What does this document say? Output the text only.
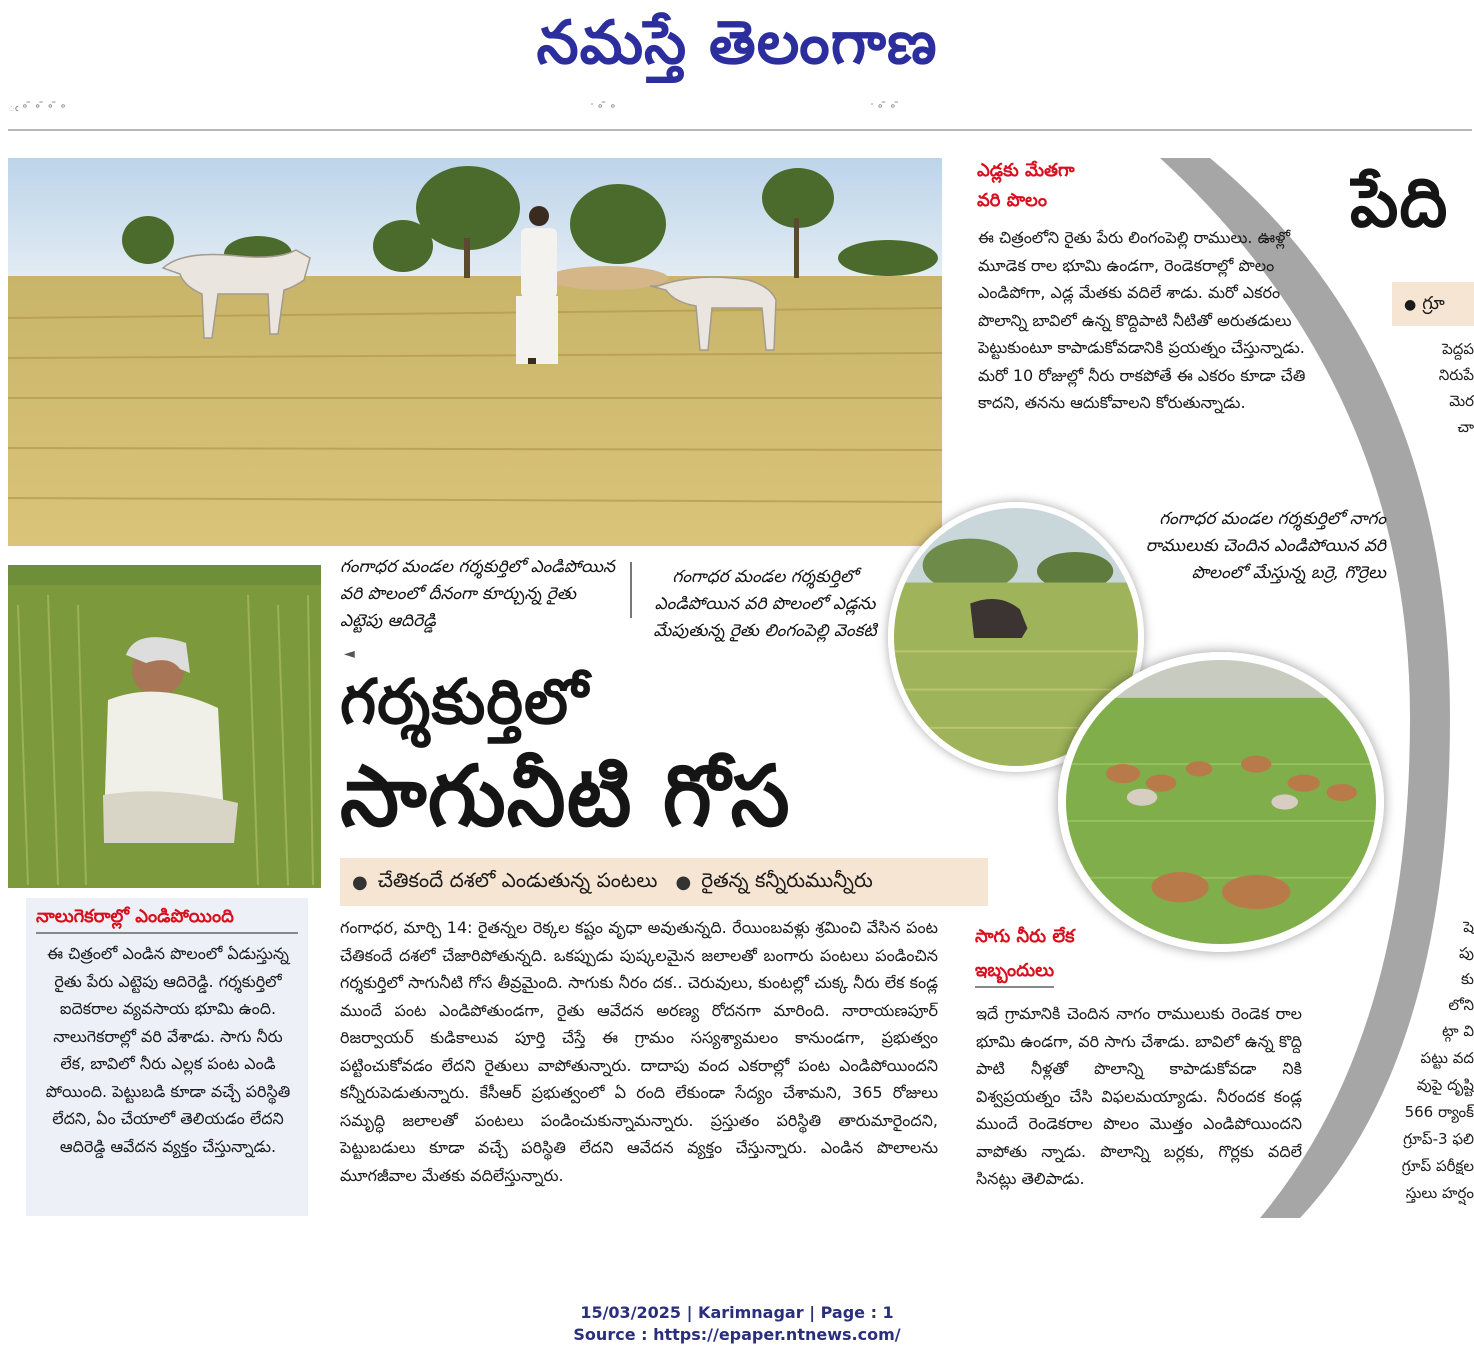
నమస్తే తెలంగాణ
ఁ ॰ ̄ ॰ ̄ ॰ ̄ ॰	ॱ ॰ ̄ ॰	ॱ ॰ ̄ ॰ ̄
గంగాధర మండల గర్శకుర్తిలో ఎండిపోయిన వరి పొలంలో దీనంగా కూర్చున్న రైతు ఎట్టెపు ఆదిరెడ్డి
గంగాధర మండల గర్శకుర్తిలో ఎండిపోయిన వరి పొలంలో ఎడ్లను మేపుతున్న రైతు లింగంపెల్లి వెంకటి
◄
గర్శకుర్తిలో
సాగునీటి గోస
● చేతికందే దశలో ఎండుతున్న పంటలు ● రైతన్న కన్నీరుమున్నీరు
గంగాధర, మార్చి 14: రైతన్నల రెక్కల కష్టం వృధా అవుతున్నది. రేయింబవళ్లు శ్రమించి వేసిన పంట చేతికందే దశలో చేజారిపోతున్నది. ఒకప్పుడు పుష్కలమైన జలాలతో బంగారు పంటలు పండించిన గర్శకుర్తిలో సాగునీటి గోస తీవ్రమైంది. సాగుకు నీరం దక.. చెరువులు, కుంటల్లో చుక్క నీరు లేక కండ్ల ముందే పంట ఎండిపోతుండగా, రైతు ఆవేదన అరణ్య రోదనగా మారింది. నారాయణపూర్ రిజర్వాయర్ కుడికాలువ పూర్తి చేస్తే ఈ గ్రామం సస్యశ్యామలం కానుండగా, ప్రభుత్వం పట్టించుకోవడం లేదని రైతులు వాపోతున్నారు. దాదాపు వంద ఎకరాల్లో పంట ఎండిపోయిందని కన్నీరుపెడుతున్నారు. కేసీఆర్ ప్రభుత్వంలో ఏ రంది లేకుండా సేద్యం చేశామని, 365 రోజులు సమృద్ధి జలాలతో పంటలు పండించుకున్నామన్నారు. ప్రస్తుతం పరిస్థితి తారుమారైందని, పెట్టుబడులు కూడా వచ్చే పరిస్థితి లేదని ఆవేదన వ్యక్తం చేస్తున్నారు. ఎండిన పొలాలను మూగజీవాల మేతకు వదిలేస్తున్నారు.
నాలుగెకరాల్లో ఎండిపోయింది
ఈ చిత్రంలో ఎండిన పొలంలో ఏడుస్తున్న రైతు పేరు ఎట్టెపు ఆదిరెడ్డి. గర్శకుర్తిలో ఐదెకరాల వ్యవసాయ భూమి ఉంది. నాలుగెకరాల్లో వరి వేశాడు. సాగు నీరు లేక, బావిలో నీరు ఎల్లక పంట ఎండి పోయింది. పెట్టుబడి కూడా వచ్చే పరిస్థితి లేదని, ఏం చేయాలో తెలియడం లేదని ఆదిరెడ్డి ఆవేదన వ్యక్తం చేస్తున్నాడు.
ఎడ్లకు మేతగా
వరి పొలం
ఈ చిత్రంలోని రైతు పేరు లింగంపెల్లి రాములు. ఊళ్లో మూడెక రాల భూమి ఉండగా, రెండెకరాల్లో పొలం ఎండిపోగా, ఎడ్ల మేతకు వదిలే శాడు. మరో ఎకరం పొలాన్ని బావిలో ఉన్న కొద్దిపాటి నీటితో అరుతడులు పెట్టుకుంటూ కాపాడుకోవడానికి ప్రయత్నం చేస్తున్నాడు. మరో 10 రోజుల్లో నీరు రాకపోతే ఈ ఎకరం కూడా చేతి కాదని, తనను ఆదుకోవాలని కోరుతున్నాడు.
గంగాధర మండల గర్శకుర్తిలో నాగం రాములుకు చెందిన ఎండిపోయిన వరి పొలంలో మేస్తున్న బర్రె, గొర్రెలు
సాగు నీరు లేక
ఇబ్బందులు
ఇదే గ్రామానికి చెందిన నాగం రాములుకు రెండెక రాల భూమి ఉండగా, వరి సాగు చేశాడు. బావిలో ఉన్న కొద్ది పాటి నీళ్లతో పొలాన్ని కాపాడుకోవడా నికి విశ్వప్రయత్నం చేసి విఫలమయ్యాడు. నీరందక కండ్ల ముందే రెండెకరాల పొలం మొత్తం ఎండిపోయిందని వాపోతు న్నాడు. పొలాన్ని బర్లకు, గొర్లకు వదిలే సినట్లు తెలిపాడు.
పేది
● గ్రూ
పెద్దప
నిరుపే
మెర
చా
షె
పు
కు
లోని
ట్గా వి
పట్టు వద
వుపై దృష్టి
566 ర్యాంక్
గ్రూప్-3 ఫలి
గ్రూప్ పరీక్షల
స్తులు హర్షం
15/03/2025 | Karimnagar | Page : 1
Source : https://epaper.ntnews.com/
